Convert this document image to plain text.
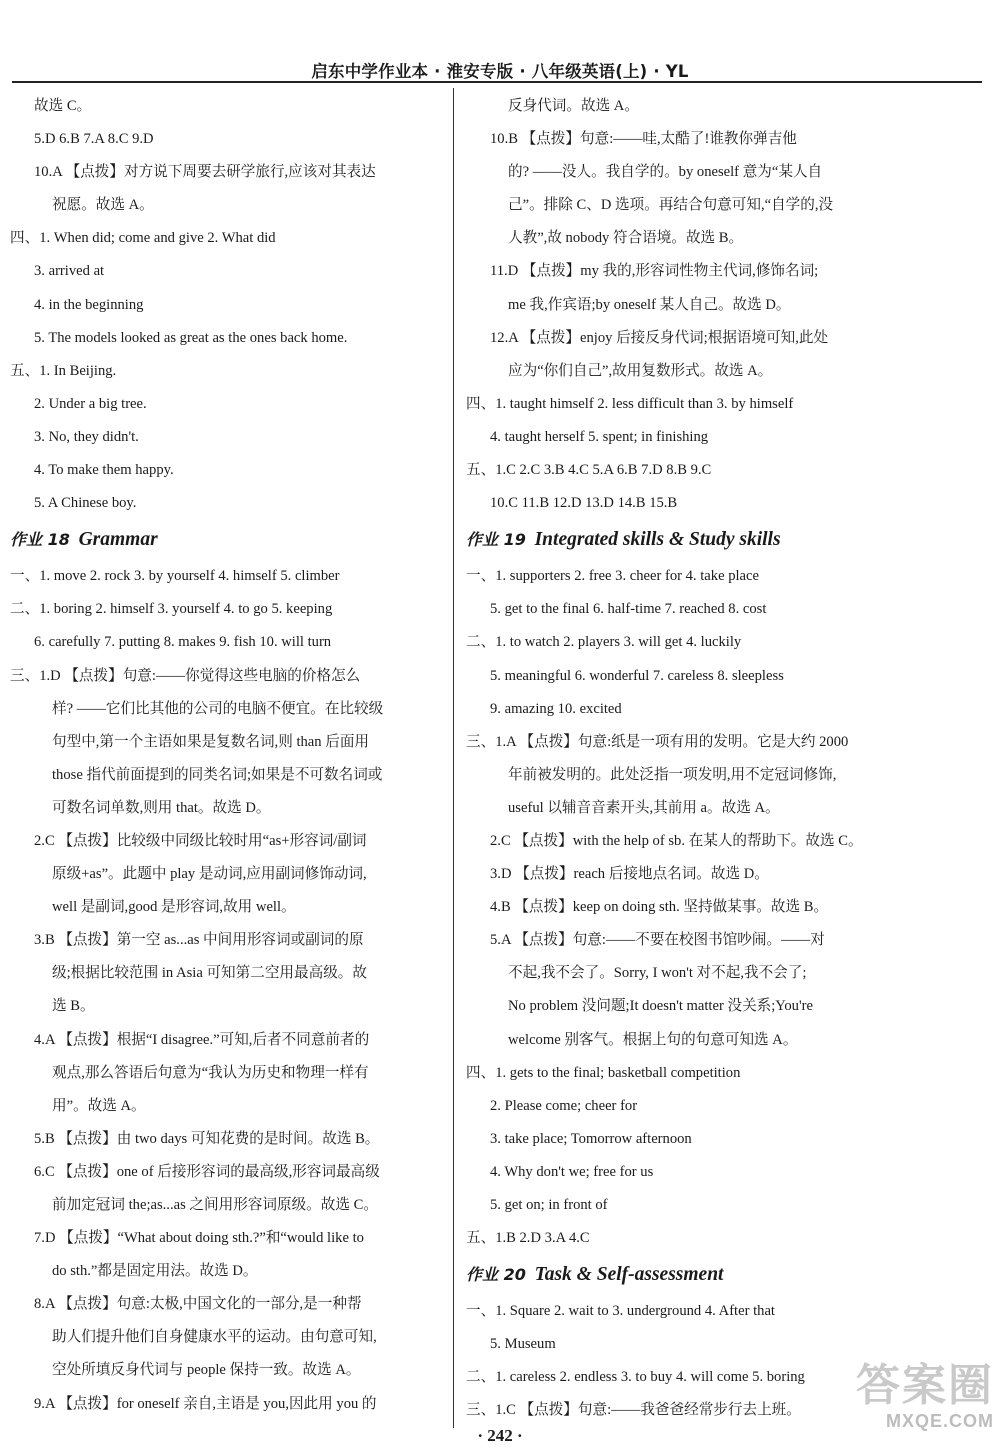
启东中学作业本 · 淮安专版 · 八年级英语(上) · YL
故选 C。
5.D 6.B 7.A 8.C 9.D
10.A 【点拨】对方说下周要去研学旅行,应该对其表达
祝愿。故选 A。
四、1. When did; come and give 2. What did
3. arrived at
4. in the beginning
5. The models looked as great as the ones back home.
五、1. In Beijing.
2. Under a big tree.
3. No, they didn't.
4. To make them happy.
5. A Chinese boy.
作业 18 Grammar
一、1. move 2. rock 3. by yourself 4. himself 5. climber
二、1. boring 2. himself 3. yourself 4. to go 5. keeping
6. carefully 7. putting 8. makes 9. fish 10. will turn
三、1.D 【点拨】句意:——你觉得这些电脑的价格怎么
样? ——它们比其他的公司的电脑不便宜。在比较级
句型中,第一个主语如果是复数名词,则 than 后面用
those 指代前面提到的同类名词;如果是不可数名词或
可数名词单数,则用 that。故选 D。
2.C 【点拨】比较级中同级比较时用“as+形容词/副词
原级+as”。此题中 play 是动词,应用副词修饰动词,
well 是副词,good 是形容词,故用 well。
3.B 【点拨】第一空 as...as 中间用形容词或副词的原
级;根据比较范围 in Asia 可知第二空用最高级。故
选 B。
4.A 【点拨】根据“I disagree.”可知,后者不同意前者的
观点,那么答语后句意为“我认为历史和物理一样有
用”。故选 A。
5.B 【点拨】由 two days 可知花费的是时间。故选 B。
6.C 【点拨】one of 后接形容词的最高级,形容词最高级
前加定冠词 the;as...as 之间用形容词原级。故选 C。
7.D 【点拨】“What about doing sth.?”和“would like to
do sth.”都是固定用法。故选 D。
8.A 【点拨】句意:太极,中国文化的一部分,是一种帮
助人们提升他们自身健康水平的运动。由句意可知,
空处所填反身代词与 people 保持一致。故选 A。
9.A 【点拨】for oneself 亲自,主语是 you,因此用 you 的
反身代词。故选 A。
10.B 【点拨】句意:——哇,太酷了!谁教你弹吉他
的? ——没人。我自学的。by oneself 意为“某人自
己”。排除 C、D 选项。再结合句意可知,“自学的,没
人教”,故 nobody 符合语境。故选 B。
11.D 【点拨】my 我的,形容词性物主代词,修饰名词;
me 我,作宾语;by oneself 某人自己。故选 D。
12.A 【点拨】enjoy 后接反身代词;根据语境可知,此处
应为“你们自己”,故用复数形式。故选 A。
四、1. taught himself 2. less difficult than 3. by himself
4. taught herself 5. spent; in finishing
五、1.C 2.C 3.B 4.C 5.A 6.B 7.D 8.B 9.C
10.C 11.B 12.D 13.D 14.B 15.B
作业 19 Integrated skills & Study skills
一、1. supporters 2. free 3. cheer for 4. take place
5. get to the final 6. half-time 7. reached 8. cost
二、1. to watch 2. players 3. will get 4. luckily
5. meaningful 6. wonderful 7. careless 8. sleepless
9. amazing 10. excited
三、1.A 【点拨】句意:纸是一项有用的发明。它是大约 2000
年前被发明的。此处泛指一项发明,用不定冠词修饰,
useful 以辅音音素开头,其前用 a。故选 A。
2.C 【点拨】with the help of sb. 在某人的帮助下。故选 C。
3.D 【点拨】reach 后接地点名词。故选 D。
4.B 【点拨】keep on doing sth. 坚持做某事。故选 B。
5.A 【点拨】句意:——不要在校图书馆吵闹。——对
不起,我不会了。Sorry, I won't 对不起,我不会了;
No problem 没问题;It doesn't matter 没关系;You're
welcome 别客气。根据上句的句意可知选 A。
四、1. gets to the final; basketball competition
2. Please come; cheer for
3. take place; Tomorrow afternoon
4. Why don't we; free for us
5. get on; in front of
五、1.B 2.D 3.A 4.C
作业 20 Task & Self-assessment
一、1. Square 2. wait to 3. underground 4. After that
5. Museum
二、1. careless 2. endless 3. to buy 4. will come 5. boring
三、1.C 【点拨】句意:——我爸爸经常步行去上班。
· 242 ·
答案圈
MXQE.COM
